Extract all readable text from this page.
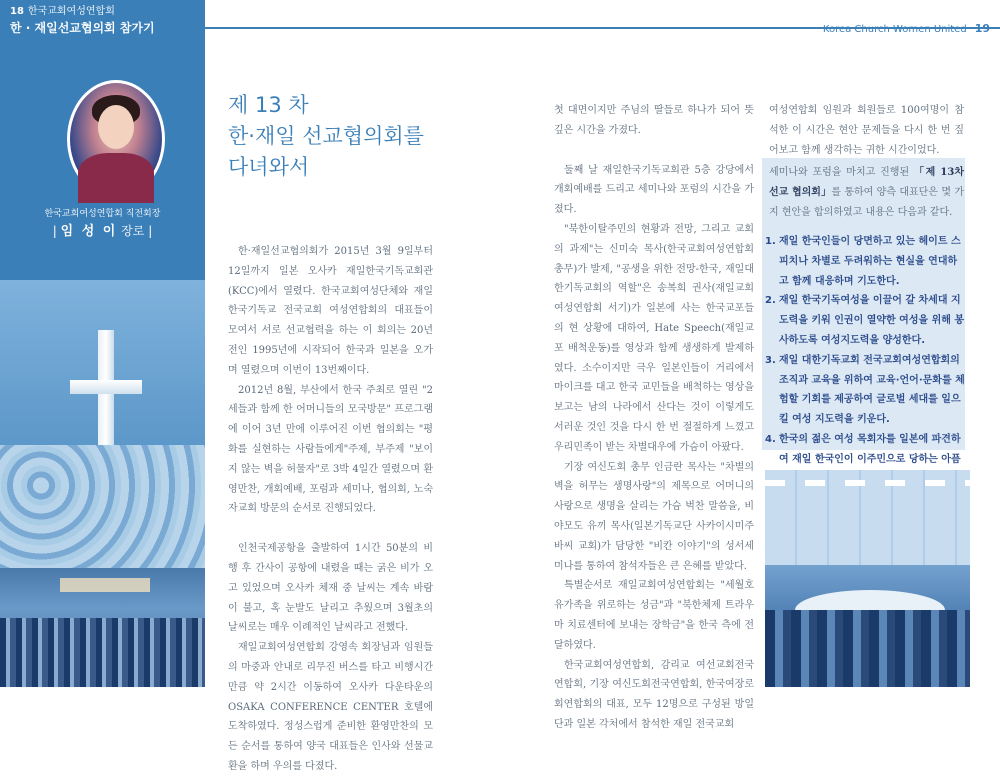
18 한국교회여성연합회
한 · 재일선교협의회 참가기	Korea Church Women United 19
한국교회여성연합회 직전회장
| 임 성 이 장로 |
제 13 차
한·재일 선교협의회를
다녀와서

한·재일선교협의회가 2015년 3월 9일부터 12일까지 일본 오사카 재일한국기독교회관(KCC)에서 열렸다. 한국교회여성단체와 재일한국기독교 전국교회 여성연합회의 대표들이 모여서 서로 선교협력을 하는 이 회의는 20년 전인 1995년에 시작되어 한국과 일본을 오가며 열렸으며 이번이 13번째이다.

2012년 8월, 부산에서 한국 주최로 열린 "2세들과 함께 한 어머니들의 모국방문" 프로그램에 이어 3년 만에 이루어진 이번 협의회는 "평화를 실현하는 사람들에게"주제, 부주제 "보이지 않는 벽을 허물자"로 3박 4일간 열렸으며 환영만찬, 개회예배, 포럼과 세미나, 협의회, 노숙자교회 방문의 순서로 진행되었다.

인천국제공항을 출발하여 1시간 50분의 비행 후 간사이 공항에 내렸을 때는 굵은 비가 오고 있었으며 오사카 체재 중 날씨는 계속 바람이 불고, 혹 눈발도 날리고 추웠으며 3월초의 날씨로는 매우 이례적인 날씨라고 전했다.

재일교회여성연합회 강영속 회장님과 임원들의 마중과 안내로 리무진 버스를 타고 비행시간 만큼 약 2시간 이동하여 오사카 다운타운의 OSAKA CONFERENCE CENTER 호텔에 도착하였다. 정성스럽게 준비한 환영만찬의 모든 순서를 통하여 양국 대표들은 인사와 선물교환을 하며 우의를 다졌다.

첫 대면이지만 주님의 딸들로 하나가 되어 뜻깊은 시간을 가졌다.

둘째 날 재일한국기독교회관 5층 강당에서 개회예배를 드리고 세미나와 포럼의 시간을 가졌다.

"북한이탈주민의 현황과 전망, 그리고 교회의 과제"는 신미숙 목사(한국교회여성연합회 총무)가 발제, "공생을 위한 전망-한국, 재일대한기독교회의 역할"은 송복희 권사(재일교회여성연합회 서기)가 일본에 사는 한국교포들의 현 상황에 대하여, Hate Speech(재일교포 배척운동)를 영상과 함께 생생하게 발제하였다. 소수이지만 극우 일본인들이 거리에서 마이크를 대고 한국 교민들을 배척하는 영상을 보고는 남의 나라에서 산다는 것이 이렇게도 서러운 것인 것을 다시 한 번 절절하게 느꼈고 우리민족이 받는 차별대우에 가슴이 아팠다.

기장 여신도회 총무 인금란 목사는 "차별의 벽을 허무는 생명사랑"의 제목으로 어머니의 사랑으로 생명을 살리는 가슴 벅찬 말씀을, 비야모도 유끼 목사(일본기독교단 사카이시미주바씨 교회)가 담당한 "비칸 이야기"의 성서세미나를 통하여 참석자들은 큰 은혜를 받았다.

특별순서로 재일교회여성연합회는 "세월호 유가족을 위로하는 성금"과 "북한체제 트라우마 치료센터에 보내는 장학금"을 한국 측에 전달하였다.

한국교회여성연합회, 감리교 여선교회전국연합회, 기장 여신도회전국연합회, 한국여장로회연합회의 대표, 모두 12명으로 구성된 방일단과 일본 각처에서 참석한 재일 전국교회

여성연합회 임원과 회원들로 100여명이 참석한 이 시간은 현안 문제들을 다시 한 번 짚어보고 함께 생각하는 귀한 시간이었다.

세미나와 포럼을 마치고 진행된 「제 13차 선교 협의회」를 통하여 양측 대표단은 몇 가지 현안을 합의하였고 내용은 다음과 같다.
1. 재일 한국인들이 당면하고 있는 헤이트 스피치나 차별로 두려워하는 현실을 연대하고 함께 대응하며 기도한다.
2. 재일 한국기독여성을 이끌어 갈 차세대 지도력을 키워 인권이 열약한 여성을 위해 봉사하도록 여성지도력을 양성한다.
3. 재일 대한기독교회 전국교회여성연합회의 조직과 교육을 위하여 교육·언어·문화를 체험할 기회를 제공하여 글로벌 세대를 일으킬 여성 지도력을 키운다.
4. 한국의 젊은 여성 목회자를 일본에 파견하여 재일 한국인이 이주민으로 당하는 아픔
